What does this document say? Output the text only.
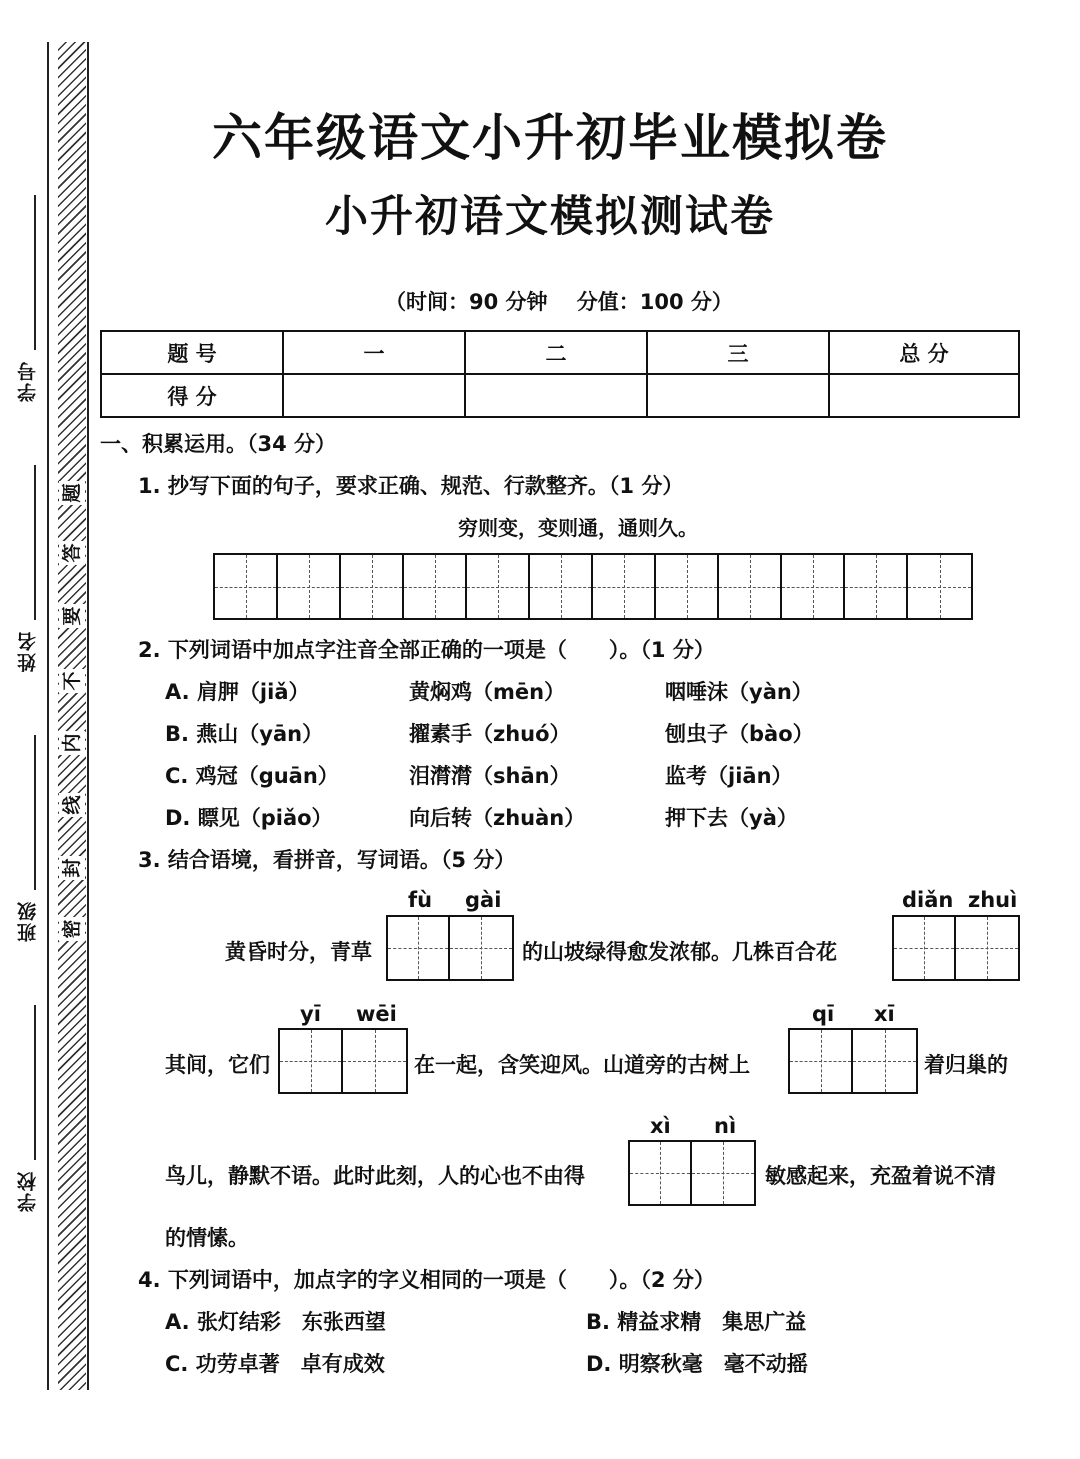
题
答
要
不
内
线
封
密
学号
姓名
班级
学校
六年级语文小升初毕业模拟卷
小升初语文模拟测试卷
（时间：90 分钟    分值：100 分）
题 号	一	二	三	总 分
得 分				
一、积累运用。（34 分）
1. 抄写下面的句子，要求正确、规范、行款整齐。（1 分）
穷则变，变则通，通则久。
2. 下列词语中加点字注音全部正确的一项是（　　）。（1 分）
A. 肩胛（jiǎ）	黄焖鸡（mēn）	咽唾沫（yàn）
B. 燕山（yān）	擢素手（zhuó）	刨虫子（bào）
C. 鸡冠（guān）	泪潸潸（shān）	监考（jiān）
D. 瞟见（piǎo）	向后转（zhuàn）	押下去（yà）
3. 结合语境，看拼音，写词语。（5 分）
fù gài
黄昏时分，青草	的山坡绿得愈发浓郁。几株百合花
diǎn zhuì
yī wēi
其间，它们	在一起，含笑迎风。山道旁的古树上
qī xī
着归巢的
xì nì
鸟儿，静默不语。此时此刻，人的心也不由得	敏感起来，充盈着说不清
的情愫。
4. 下列词语中，加点字的字义相同的一项是（　　）。（2 分）
A. 张灯结彩　东张西望	B. 精益求精　集思广益
C. 功劳卓著　卓有成效	D. 明察秋毫　毫不动摇
